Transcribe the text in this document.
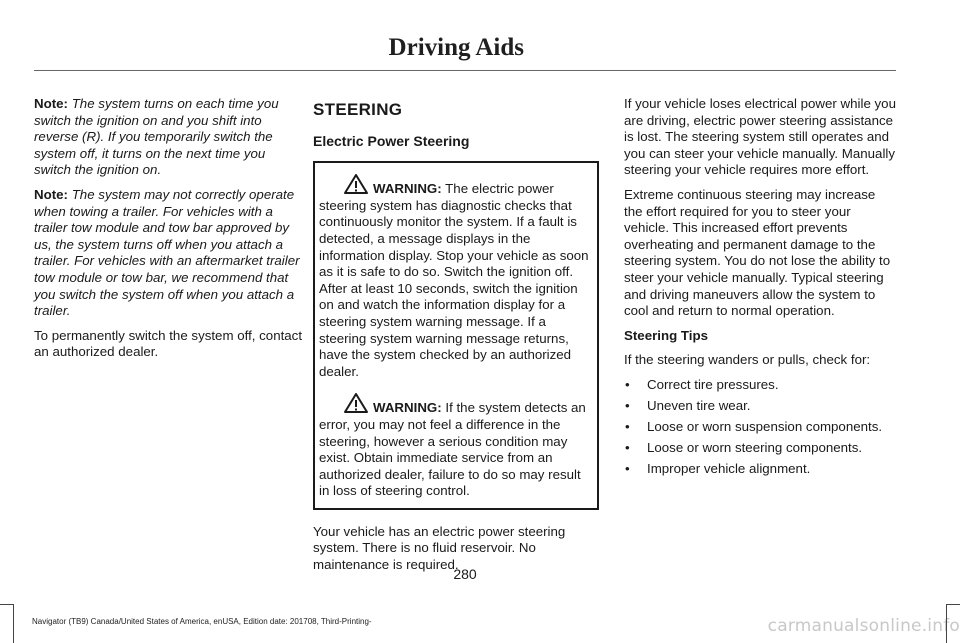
Driving Aids

Note: The system turns on each time you switch the ignition on and you shift into reverse (R). If you temporarily switch the system off, it turns on the next time you switch the ignition on.

Note: The system may not correctly operate when towing a trailer. For vehicles with a trailer tow module and tow bar approved by us, the system turns off when you attach a trailer. For vehicles with an aftermarket trailer tow module or tow bar, we recommend that you switch the system off when you attach a trailer.

To permanently switch the system off, contact an authorized dealer.

STEERING
Electric Power Steering

WARNING: The electric power steering system has diagnostic checks that continuously monitor the system. If a fault is detected, a message displays in the information display. Stop your vehicle as soon as it is safe to do so. Switch the ignition off. After at least 10 seconds, switch the ignition on and watch the information display for a steering system warning message. If a steering system warning message returns, have the system checked by an authorized dealer.

WARNING: If the system detects an error, you may not feel a difference in the steering, however a serious condition may exist. Obtain immediate service from an authorized dealer, failure to do so may result in loss of steering control.

Your vehicle has an electric power steering system. There is no fluid reservoir. No maintenance is required.

If your vehicle loses electrical power while you are driving, electric power steering assistance is lost. The steering system still operates and you can steer your vehicle manually. Manually steering your vehicle requires more effort.

Extreme continuous steering may increase the effort required for you to steer your vehicle. This increased effort prevents overheating and permanent damage to the steering system. You do not lose the ability to steer your vehicle manually. Typical steering and driving maneuvers allow the system to cool and return to normal operation.

Steering Tips

If the steering wanders or pulls, check for:

• Correct tire pressures.
• Uneven tire wear.
• Loose or worn suspension components.
• Loose or worn steering components.
• Improper vehicle alignment.
280
Navigator (TB9) Canada/United States of America, enUSA, Edition date: 201708, Third-Printing-	carmanualsonline.info
